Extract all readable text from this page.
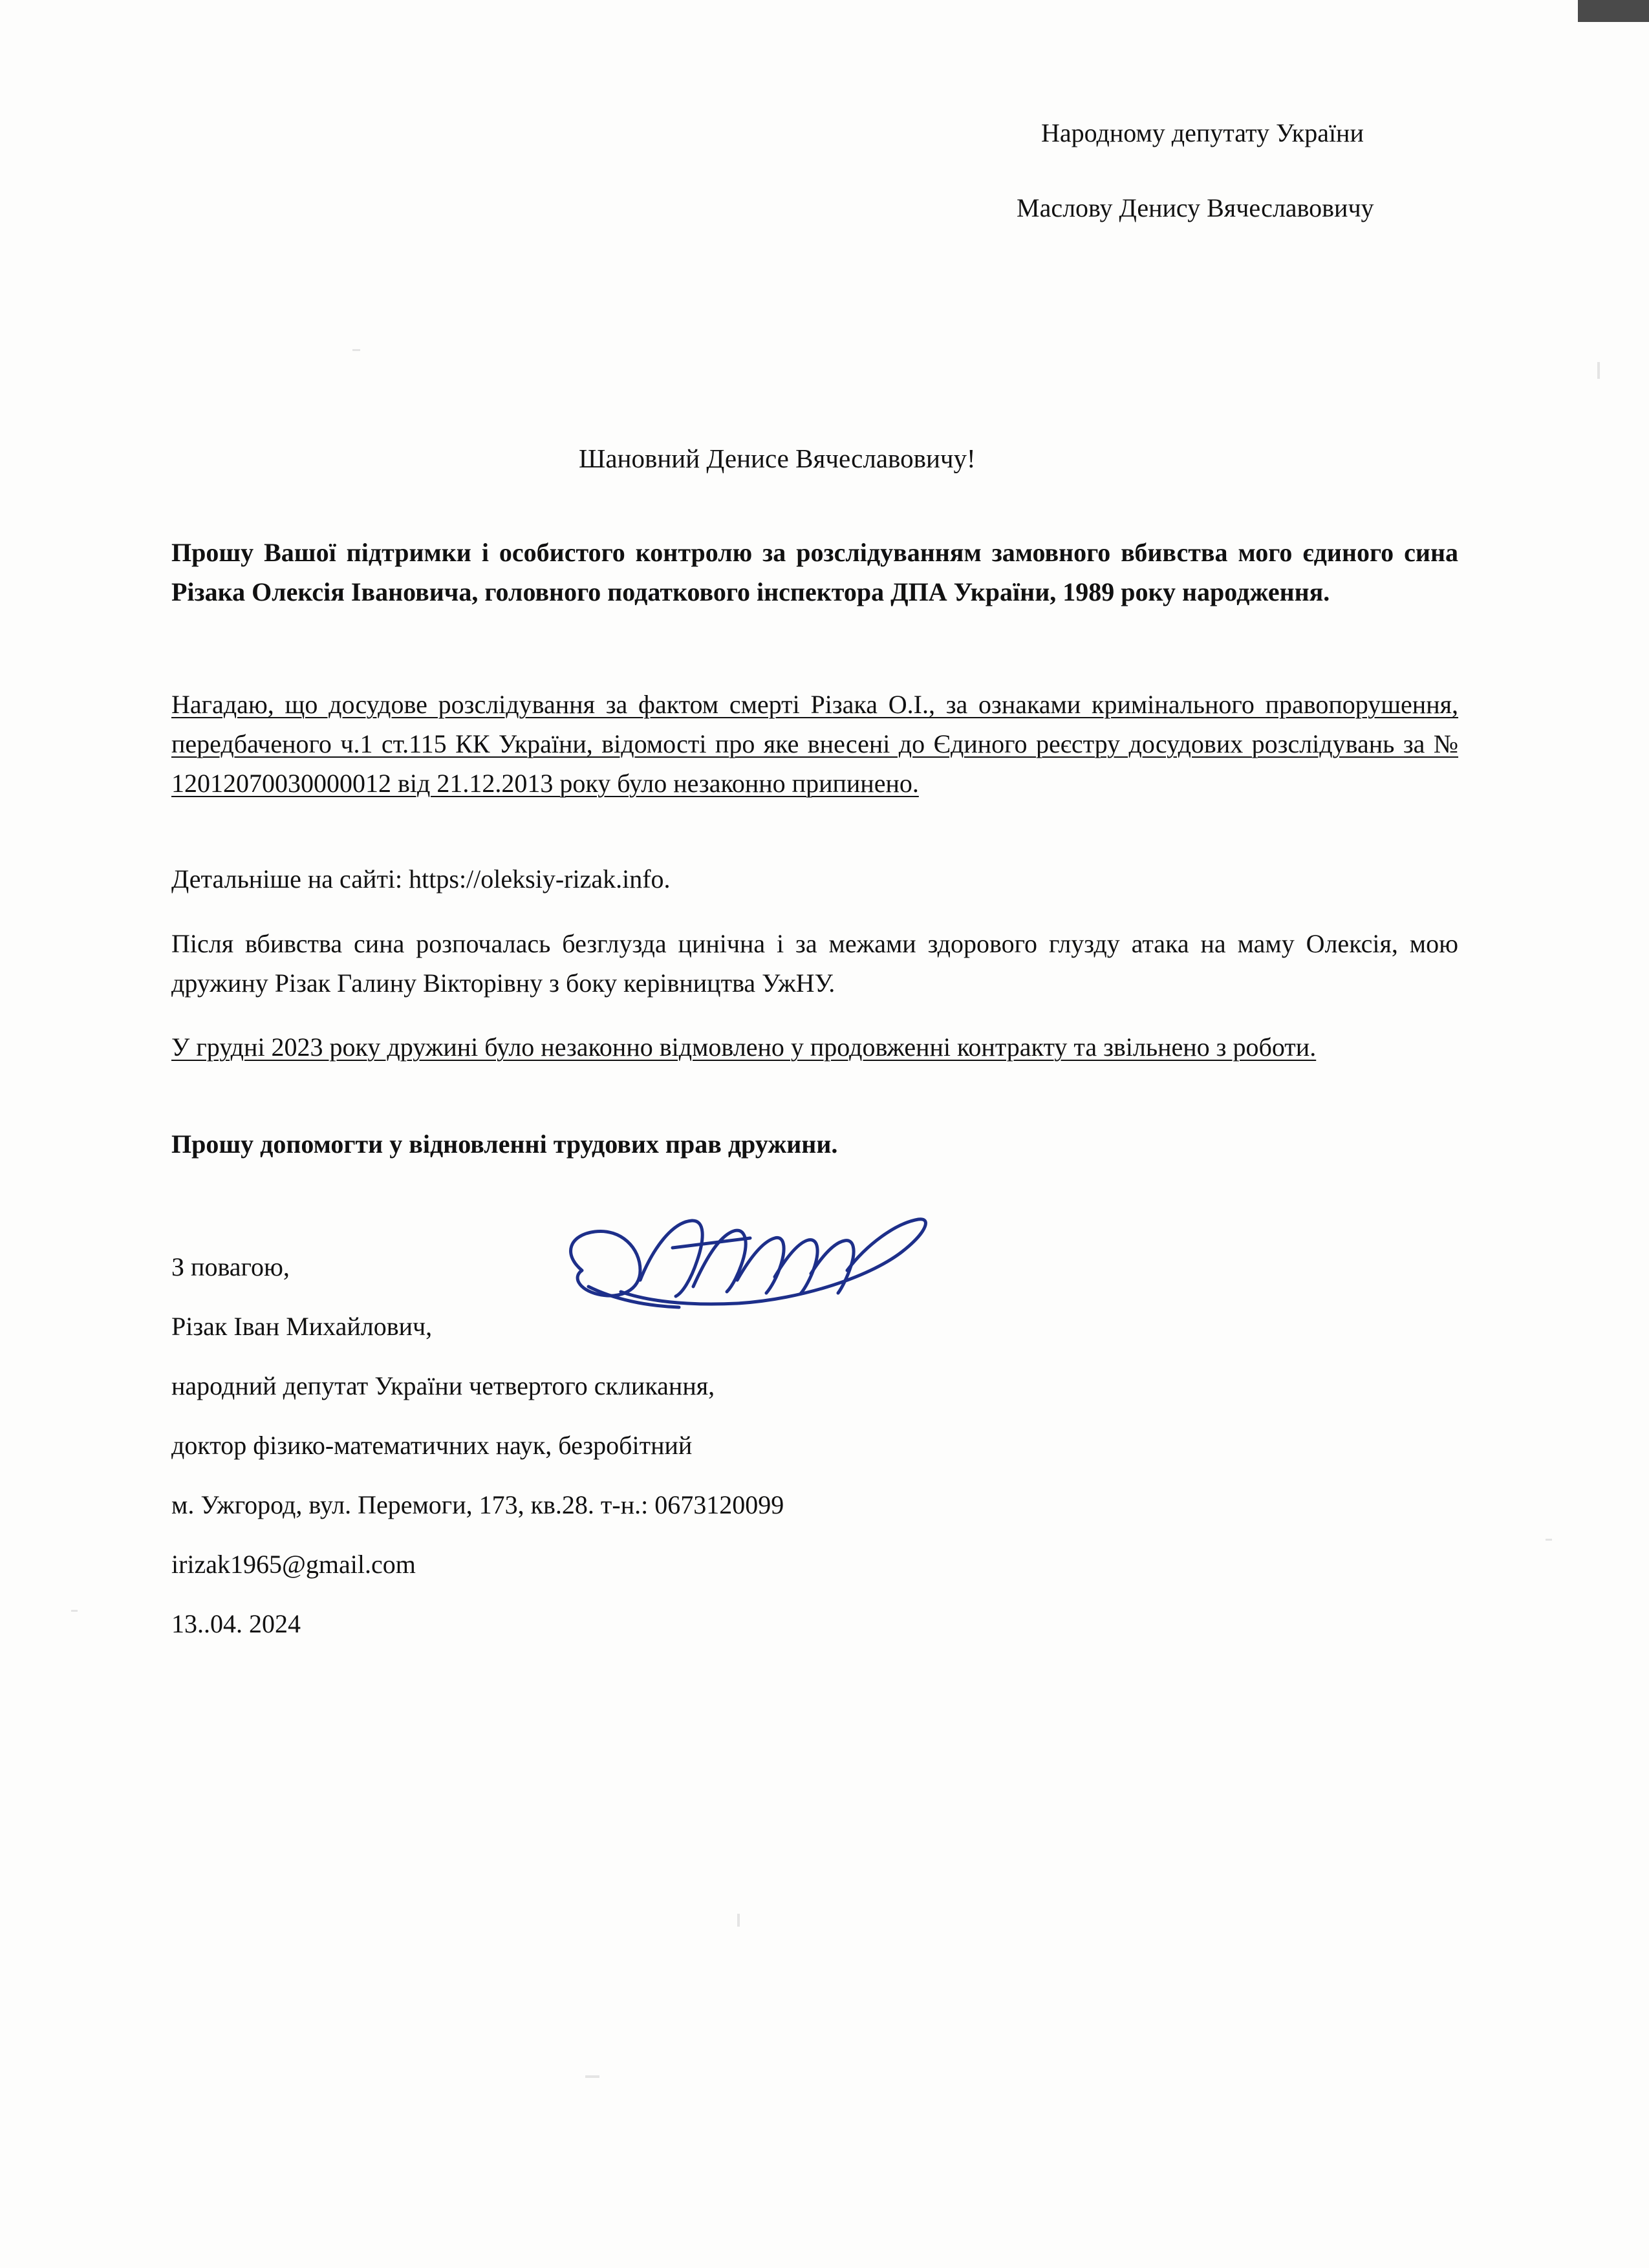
Народному депутату України
Маслову Денису Вячеславовичу
Шановний Денисе Вячеславовичу!

Прошу Вашої підтримки і особистого контролю за розслідуванням замовного вбивства мого єдиного сина Різака Олексія Івановича, головного податкового інспектора ДПА України, 1989 року народження.

Нагадаю, що досудове розслідування за фактом смерті Різака О.І., за ознаками кримінального правопорушення, передбаченого ч.1 ст.115 КК України, відомості про яке внесені до Єдиного реєстру досудових розслідувань за № 12012070030000012 від 21.12.2013 року було незаконно припинено.

Детальніше на сайті: https://oleksiy-rizak.info.

Після вбивства сина розпочалась безглузда цинічна і за межами здорового глузду атака на маму Олексія, мою дружину Різак Галину Вікторівну з боку керівництва УжНУ.

У грудні 2023 року дружині було незаконно відмовлено у продовженні контракту та звільнено з роботи.

Прошу допомогти у відновленні трудових прав дружини.

З повагою,
Різак Іван Михайлович,
народний депутат України четвертого скликання,
доктор фізико-математичних наук, безробітний
м. Ужгород, вул. Перемоги, 173, кв.28. т-н.: 0673120099
irizak1965@gmail.com
13..04. 2024
